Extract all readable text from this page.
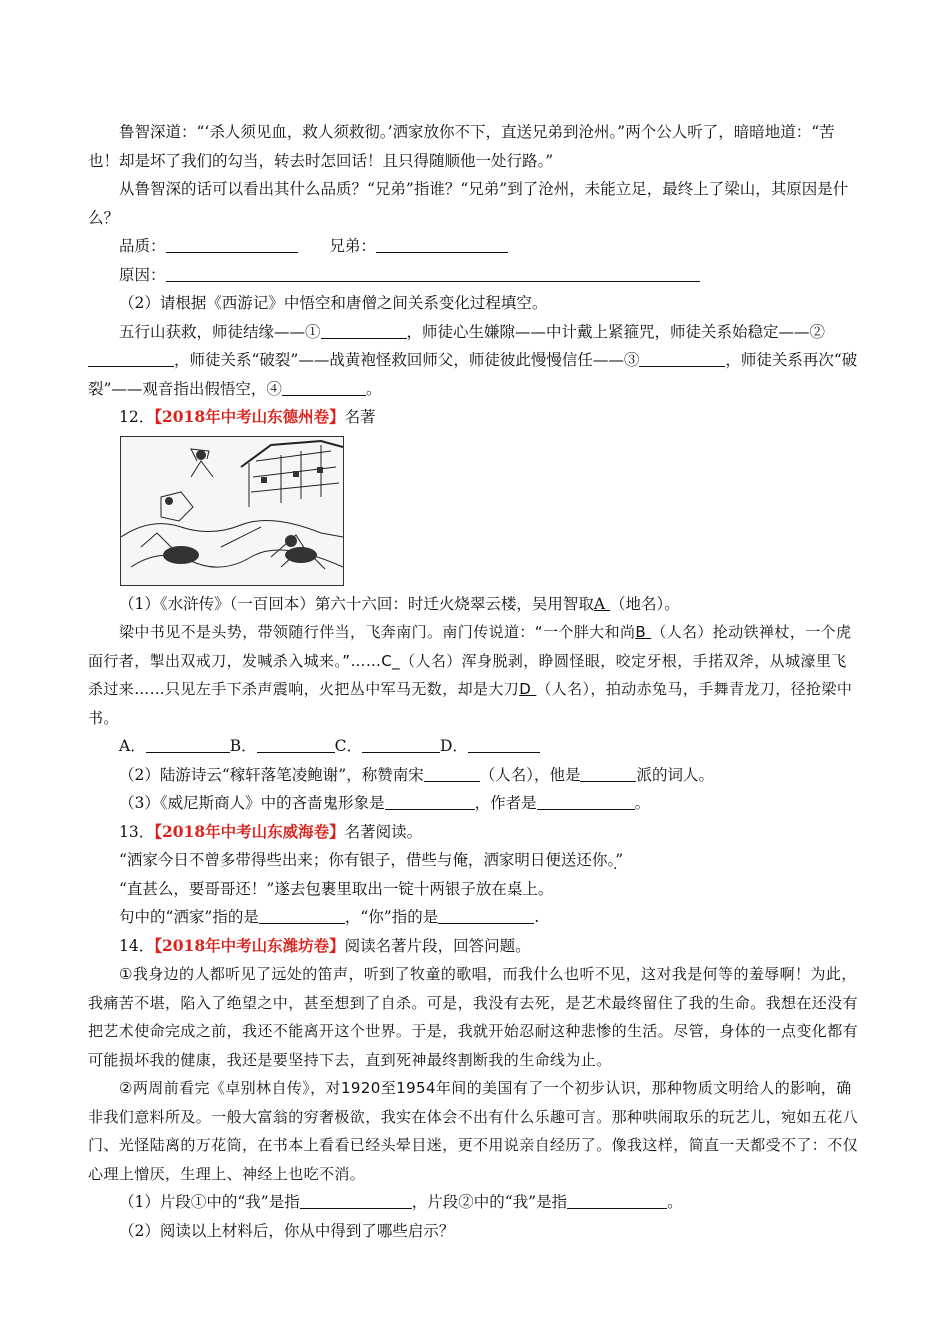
鲁智深道：“‘杀人须见血，救人须救彻。’洒家放你不下，直送兄弟到沧州。”两个公人听了，暗暗地道：“苦也！却是坏了我们的勾当，转去时怎回话！且只得随顺他一处行路。”

从鲁智深的话可以看出其什么品质？“兄弟”指谁？“兄弟”到了沧州，未能立足，最终上了梁山，其原因是什么？

品质：	兄弟：

原因：

（2）请根据《西游记》中悟空和唐僧之间关系变化过程填空。

五行山获救，师徒结缘——①	，师徒心生嫌隙——中计戴上紧箍咒，师徒关系始稳定——②，师徒关系“破裂”——战黄袍怪救回师父，师徒彼此慢慢信任——③	，师徒关系再次“破裂”——观音指出假悟空，④	。

12．【2018年中考山东德州卷】名著

（1）《水浒传》（一百回本）第六十六回：时迁火烧翠云楼，吴用智取A （地名）。

梁中书见不是头势，带领随行伴当，飞奔南门。南门传说道：“一个胖大和尚B （人名）抡动铁禅杖，一个虎面行者，掣出双戒刀，发喊杀入城来。”……C_（人名）浑身脱剥，睁圆怪眼，咬定牙根，手掿双斧，从城濠里飞杀过来……只见左手下杀声震响，火把丛中军马无数，却是大刀D （人名），拍动赤兔马，手舞青龙刀，径抢梁中书。

A．	B．	C．	D．

（2）陆游诗云“稼轩落笔凌鲍谢”，称赞南宋	（人名），他是	派的词人。

（3）《威尼斯商人》中的吝啬鬼形象是	，作者是	。

13．【2018年中考山东威海卷】名著阅读。

“洒家今日不曾多带得些出来；你有银子，借些与俺，洒家明日便送还你。”

“直甚么，要哥哥还！”遂去包裹里取出一锭十两银子放在桌上。

句中的“洒家”指的是	，“你”指的是	.

14．【2018年中考山东潍坊卷】阅读名著片段，回答问题。

①我身边的人都听见了远处的笛声，听到了牧童的歌唱，而我什么也听不见，这对我是何等的羞辱啊！为此，我痛苦不堪，陷入了绝望之中，甚至想到了自杀。可是，我没有去死，是艺术最终留住了我的生命。我想在还没有把艺术使命完成之前，我还不能离开这个世界。于是，我就开始忍耐这种悲惨的生活。尽管，身体的一点变化都有可能损坏我的健康，我还是要坚持下去，直到死神最终割断我的生命线为止。

②两周前看完《卓别林自传》，对1920至1954年间的美国有了一个初步认识，那种物质文明给人的影响，确非我们意料所及。一般大富翁的穷奢极欲，我实在体会不出有什么乐趣可言。那种哄闹取乐的玩艺儿，宛如五花八门、光怪陆离的万花筒，在书本上看看已经头晕目迷，更不用说亲自经历了。像我这样，简直一天都受不了：不仅心理上憎厌，生理上、神经上也吃不消。

（1）片段①中的“我”是指	，片段②中的“我”是指	。

（2）阅读以上材料后，你从中得到了哪些启示？
